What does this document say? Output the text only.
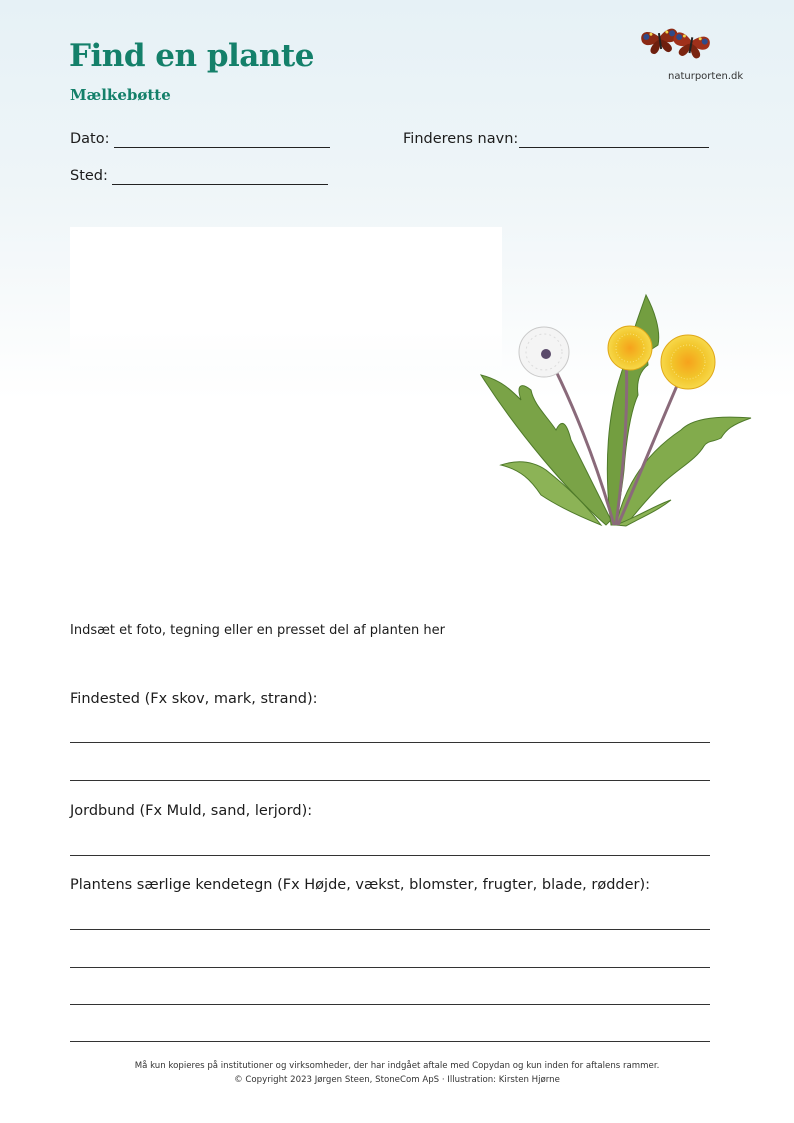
Find en plante
Mælkebøtte
naturporten.dk
Dato:	Finderens navn:
Sted:
Indsæt et foto, tegning eller en presset del af planten her
Findested (Fx skov, mark, strand):
Jordbund (Fx Muld, sand, lerjord):
Plantens særlige kendetegn (Fx Højde, vækst, blomster, frugter, blade, rødder):
Må kun kopieres på institutioner og virksomheder, der har indgået aftale med Copydan og kun inden for aftalens rammer.
© Copyright 2023 Jørgen Steen, StoneCom ApS · Illustration: Kirsten Hjørne
